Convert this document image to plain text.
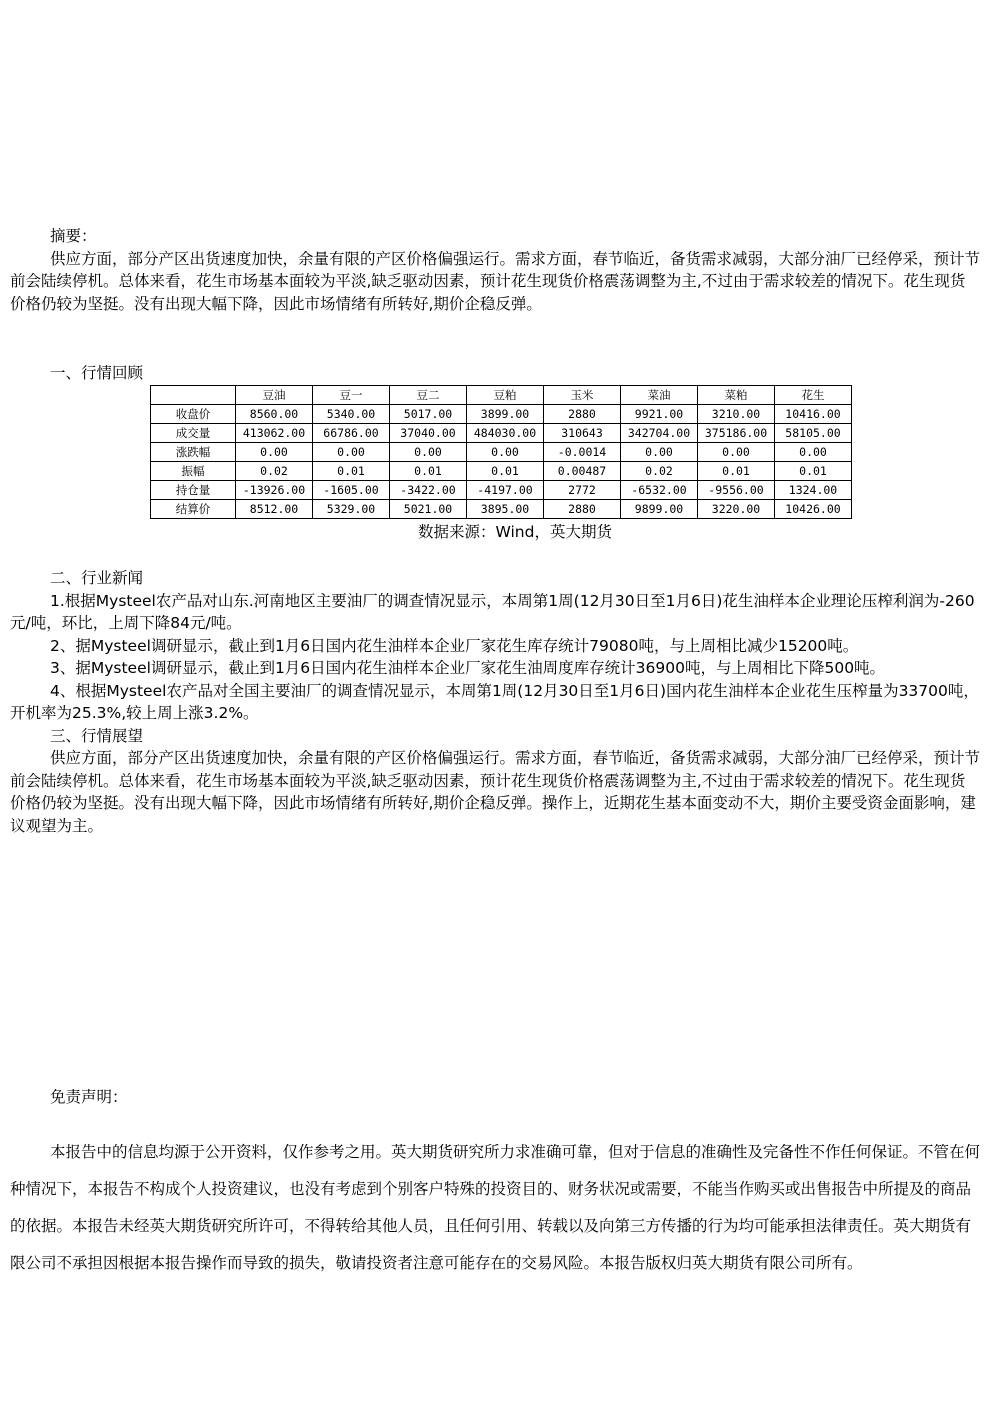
摘要：

供应方面，部分产区出货速度加快，余量有限的产区价格偏强运行。需求方面，春节临近，备货需求减弱，大部分油厂已经停采，预计节前会陆续停机。总体来看，花生市场基本面较为平淡,缺乏驱动因素，预计花生现货价格震荡调整为主,不过由于需求较差的情况下。花生现货价格仍较为坚挺。没有出现大幅下降，因此市场情绪有所转好,期价企稳反弹。

一、行情回顾

	豆油	豆一	豆二	豆粕	玉米	菜油	菜粕	花生
收盘价	8560.00	5340.00	5017.00	3899.00	2880	9921.00	3210.00	10416.00
成交量	413062.00	66786.00	37040.00	484030.00	310643	342704.00	375186.00	58105.00
涨跌幅	0.00	0.00	0.00	0.00	-0.0014	0.00	0.00	0.00
振幅	0.02	0.01	0.01	0.01	0.00487	0.02	0.01	0.01
持仓量	-13926.00	-1605.00	-3422.00	-4197.00	2772	-6532.00	-9556.00	1324.00
结算价	8512.00	5329.00	5021.00	3895.00	2880	9899.00	3220.00	10426.00
数据来源：Wind，英大期货

二、行业新闻

1.根据Mysteel农产品对山东.河南地区主要油厂的调查情况显示，本周第1周(12月30日至1月6日)花生油样本企业理论压榨利润为-260元/吨，环比，上周下降84元/吨。

2、据Mysteel调研显示，截止到1月6日国内花生油样本企业厂家花生库存统计79080吨，与上周相比减少15200吨。

3、据Mysteel调研显示，截止到1月6日国内花生油样本企业厂家花生油周度库存统计36900吨，与上周相比下降500吨。

4、根据Mysteel农产品对全国主要油厂的调查情况显示，本周第1周(12月30日至1月6日)国内花生油样本企业花生压榨量为33700吨，开机率为25.3%,较上周上涨3.2%。

三、行情展望

供应方面，部分产区出货速度加快，余量有限的产区价格偏强运行。需求方面，春节临近，备货需求减弱，大部分油厂已经停采，预计节前会陆续停机。总体来看，花生市场基本面较为平淡,缺乏驱动因素，预计花生现货价格震荡调整为主,不过由于需求较差的情况下。花生现货价格仍较为坚挺。没有出现大幅下降，因此市场情绪有所转好,期价企稳反弹。操作上，近期花生基本面变动不大，期价主要受资金面影响，建议观望为主。

免责声明：

本报告中的信息均源于公开资料，仅作参考之用。英大期货研究所力求准确可靠，但对于信息的准确性及完备性不作任何保证。不管在何种情况下，本报告不构成个人投资建议，也没有考虑到个别客户特殊的投资目的、财务状况或需要，不能当作购买或出售报告中所提及的商品的依据。本报告未经英大期货研究所许可，不得转给其他人员，且任何引用、转载以及向第三方传播的行为均可能承担法律责任。英大期货有限公司不承担因根据本报告操作而导致的损失，敬请投资者注意可能存在的交易风险。本报告版权归英大期货有限公司所有。
